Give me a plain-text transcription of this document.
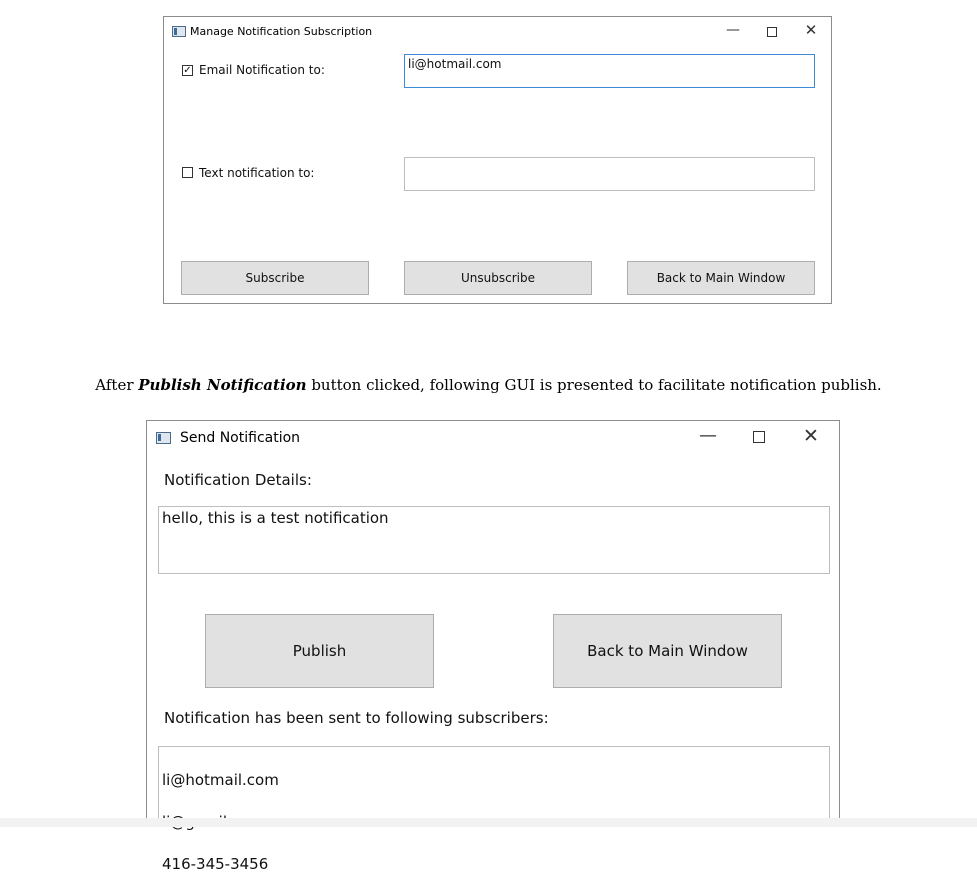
Manage Notification Subscription	—	✕
✓ Email Notification to:	li@hotmail.com
Text notification to:
Subscribe	Unsubscribe	Back to Main Window
After Publish Notification button clicked, following GUI is presented to facilitate notification publish.
Send Notification	—	✕
Notification Details:
hello, this is a test notification
Publish	Back to Main Window
Notification has been sent to following subscribers:

li@hotmail.com

416-345-3456
